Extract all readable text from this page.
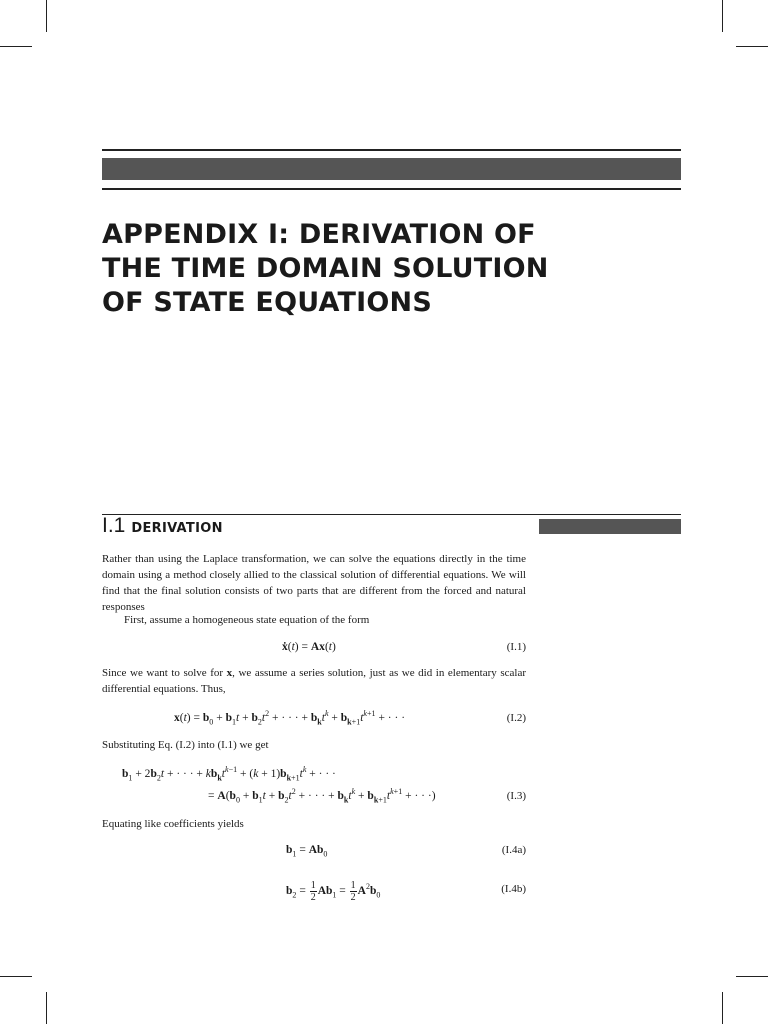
APPENDIX I: DERIVATION OF
THE TIME DOMAIN SOLUTION
OF STATE EQUATIONS
I.1 DERIVATION

Rather than using the Laplace transformation, we can solve the equations directly in the time domain using a method closely allied to the classical solution of differential equations. We will find that the final solution consists of two parts that are different from the forced and natural responses

First, assume a homogeneous state equation of the form

ẋ(t) = Ax(t)	(I.1)

Since we want to solve for x, we assume a series solution, just as we did in elementary scalar differential equations. Thus,

$x(t) = b_0 + b_1t + b_2t^2$ + · · · + $b_kt^k + b_{k+1}t^{k+1}$ + · · ·	(I.2)

Substituting Eq. (I.2) into (I.1) we get

$b_1 + 2b_2t$ + · · · + $kb_kt^{k-1} + (k + 1)b_{k+1}t^k$ + · · ·
= $A(b_0 + b_1t + b_2t^2$ + · · · + $b_kt^k + b_{k+1}t^{k+1}$ + · · ·)	(I.3)

Equating like coefficients yields

$b_1 = Ab_0$	(I.4a)
$b_2 = \frac{1}{2} Ab_1 = \frac{1}{2} A^2b_0$	(I.4b)
